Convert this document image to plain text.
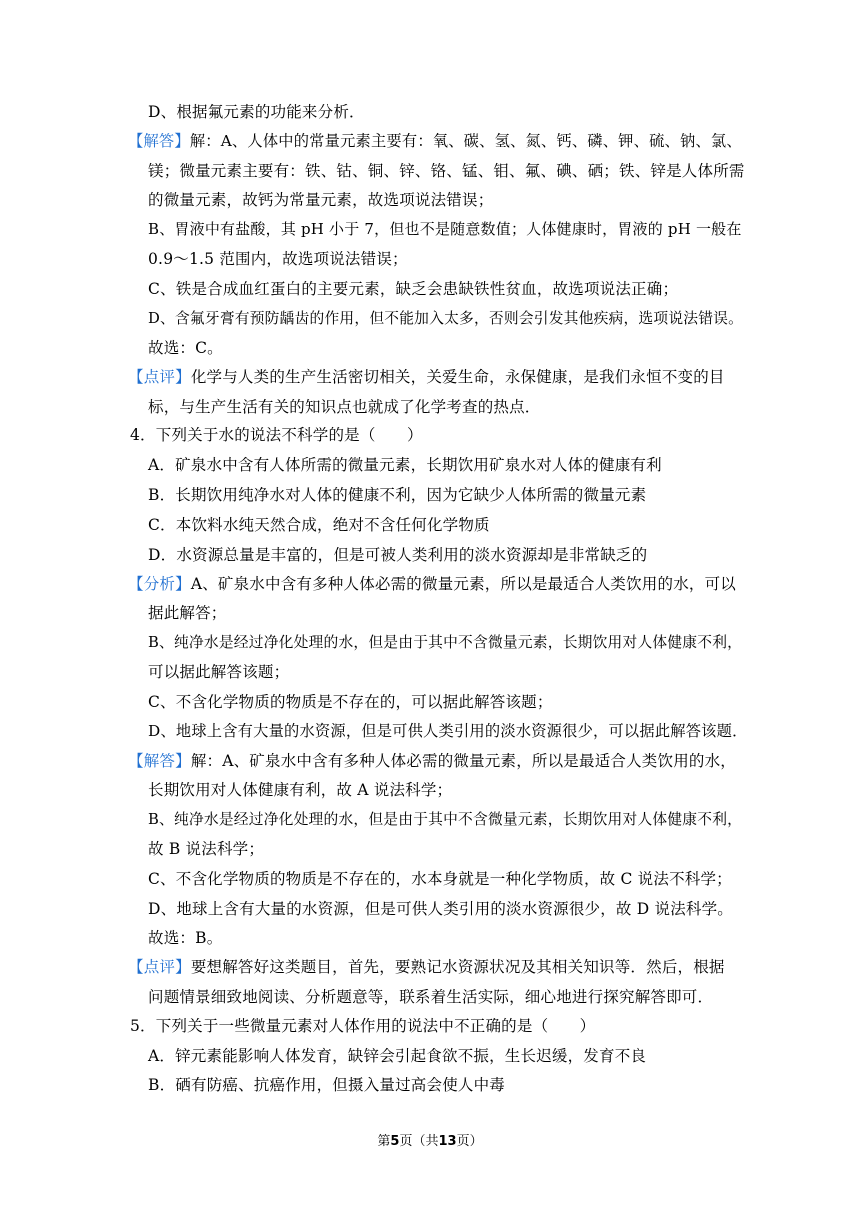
D、根据氟元素的功能来分析．
【解答】解：A、人体中的常量元素主要有：氧、碳、氢、氮、钙、磷、钾、硫、钠、氯、
镁；微量元素主要有：铁、钴、铜、锌、铬、锰、钼、氟、碘、硒；铁、锌是人体所需
的微量元素，故钙为常量元素，故选项说法错误；
B、胃液中有盐酸，其 pH 小于 7，但也不是随意数值；人体健康时，胃液的 pH 一般在
0.9～1.5 范围内，故选项说法错误；
C、铁是合成血红蛋白的主要元素，缺乏会患缺铁性贫血，故选项说法正确；
D、含氟牙膏有预防龋齿的作用，但不能加入太多，否则会引发其他疾病，选项说法错误。
故选：C。
【点评】化学与人类的生产生活密切相关，关爱生命，永保健康，是我们永恒不变的目
标，与生产生活有关的知识点也就成了化学考查的热点．
4．下列关于水的说法不科学的是（　　）
A．矿泉水中含有人体所需的微量元素，长期饮用矿泉水对人体的健康有利
B．长期饮用纯净水对人体的健康不利，因为它缺少人体所需的微量元素
C．本饮料水纯天然合成，绝对不含任何化学物质
D．水资源总量是丰富的，但是可被人类利用的淡水资源却是非常缺乏的
【分析】A、矿泉水中含有多种人体必需的微量元素，所以是最适合人类饮用的水，可以
据此解答；
B、纯净水是经过净化处理的水，但是由于其中不含微量元素，长期饮用对人体健康不利，
可以据此解答该题；
C、不含化学物质的物质是不存在的，可以据此解答该题；
D、地球上含有大量的水资源，但是可供人类引用的淡水资源很少，可以据此解答该题．
【解答】解：A、矿泉水中含有多种人体必需的微量元素，所以是最适合人类饮用的水，
长期饮用对人体健康有利，故 A 说法科学；
B、纯净水是经过净化处理的水，但是由于其中不含微量元素，长期饮用对人体健康不利，
故 B 说法科学；
C、不含化学物质的物质是不存在的，水本身就是一种化学物质，故 C 说法不科学；
D、地球上含有大量的水资源，但是可供人类引用的淡水资源很少，故 D 说法科学。
故选：B。
【点评】要想解答好这类题目，首先，要熟记水资源状况及其相关知识等．然后，根据
问题情景细致地阅读、分析题意等，联系着生活实际，细心地进行探究解答即可．
5．下列关于一些微量元素对人体作用的说法中不正确的是（　　）
A．锌元素能影响人体发育，缺锌会引起食欲不振，生长迟缓，发育不良
B．硒有防癌、抗癌作用，但摄入量过高会使人中毒
第5页（共13页）
